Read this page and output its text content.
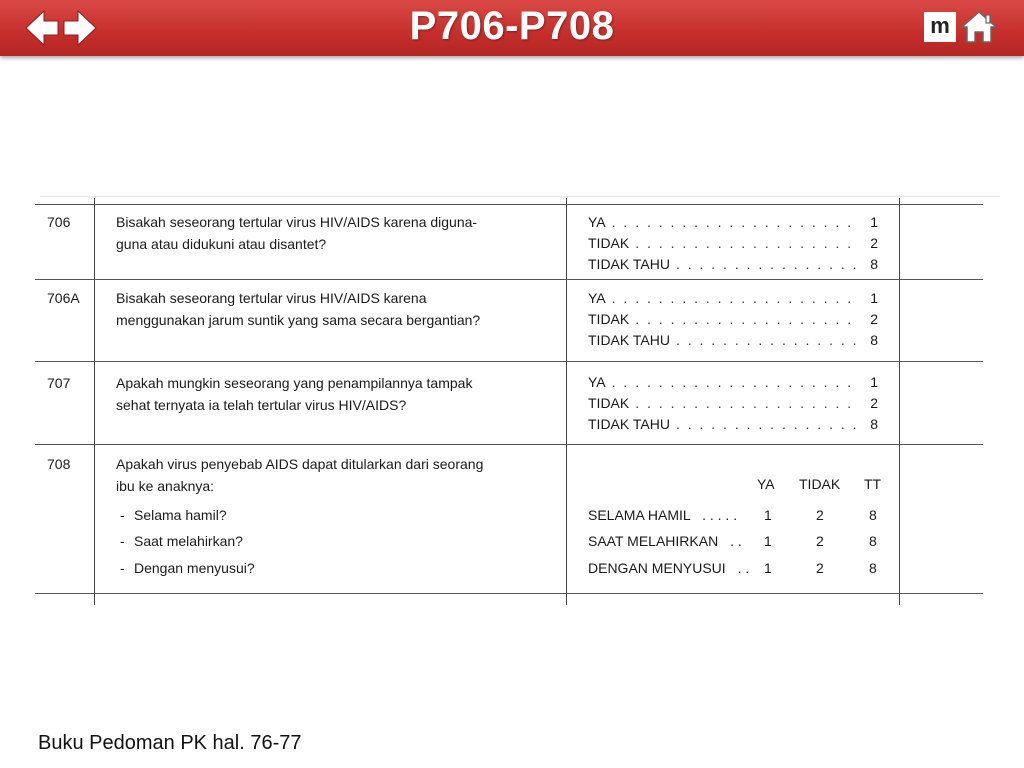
P706-P708	m
706	Bisakah seseorang tertular virus HIV/AIDS karena diguna-
guna atau didukuni atau disantet?
YA . . .	1
TIDAK . . .	2
TIDAK TAHU . . .	8
706A	Bisakah seseorang tertular virus HIV/AIDS karena
menggunakan jarum suntik yang sama secara bergantian?
YA . . .	1
TIDAK . . .	2
TIDAK TAHU . . .	8
707	Apakah mungkin seseorang yang penampilannya tampak
sehat ternyata ia telah tertular virus HIV/AIDS?
YA . . .	1
TIDAK . . .	2
TIDAK TAHU . . .	8
708	Apakah virus penyebab AIDS dapat ditularkan dari seorang
ibu ke anaknya:
- Selama hamil?
- Saat melahirkan?
- Dengan menyusui?
YA TIDAK TT
SELAMA HAMIL . . . . . 1	2	8
SAAT MELAHIRKAN . . 1	2	8
DENGAN MENYUSUI . . 1	2	8
Buku Pedoman PK hal. 76-77
